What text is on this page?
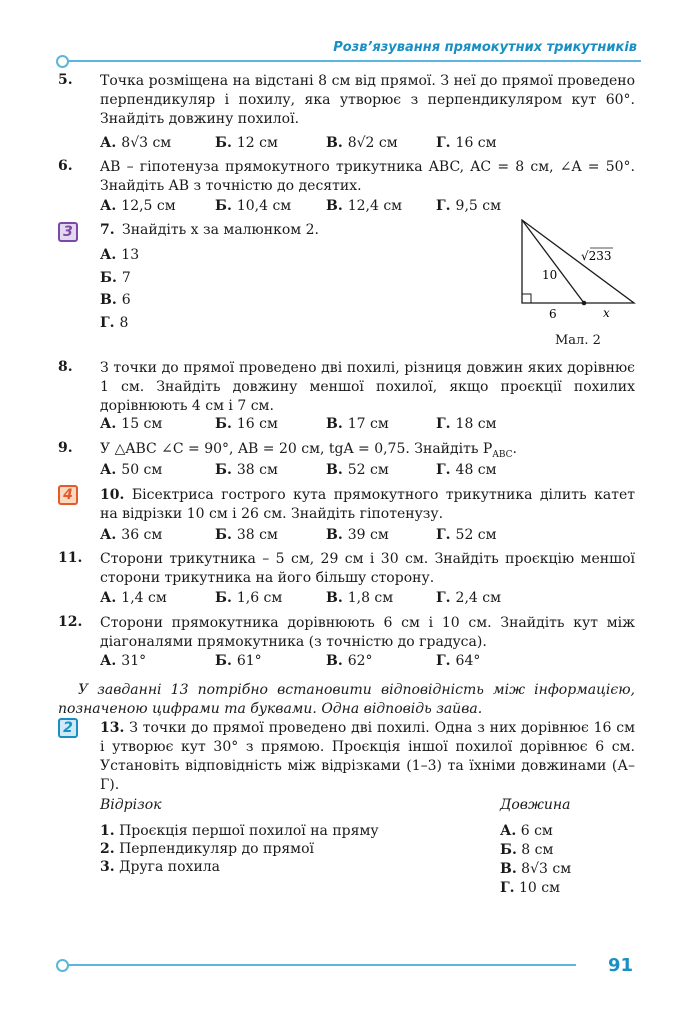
Розв’язування прямокутних трикутників
5. Точка розміщена на відстані 8 см від прямої. З неї до прямої проведено перпендикуляр і похилу, яка утворює з перпендикуляром кут 60°. Знайдіть довжину похилої.
А. 8√3 см	Б. 12 см	В. 8√2 см	Г. 16 см
6. AB – гіпотенуза прямокутного трикутника ABC, AC = 8 см, ∠A = 50°. Знайдіть AB з точністю до десятих.
А. 12,5 см	Б. 10,4 см	В. 12,4 см	Г. 9,5 см
3	7. Знайдіть x за малюнком 2.
А. 13
Б. 7
В. 6
Г. 8
√233
10
6	x
Мал. 2
8. З точки до прямої проведено дві похилі, різниця довжин яких дорівнює 1 см. Знайдіть довжину меншої похилої, якщо проєкції похилих дорівнюють 4 см і 7 см.
А. 15 см	Б. 16 см	В. 17 см	Г. 18 см
9. У △ABC ∠C = 90°, AB = 20 см, tgA = 0,75. Знайдіть $P_{ABC}$.
А. 50 см	Б. 38 см	В. 52 см	Г. 48 см
4	10. Бісектриса гострого кута прямокутного трикутника ділить катет на відрізки 10 см і 26 см. Знайдіть гіпотенузу.
А. 36 см	Б. 38 см	В. 39 см	Г. 52 см
11. Сторони трикутника – 5 см, 29 см і 30 см. Знайдіть проєкцію меншої сторони трикутника на його більшу сторону.
А. 1,4 см	Б. 1,6 см	В. 1,8 см	Г. 2,4 см
12. Сторони прямокутника дорівнюють 6 см і 10 см. Знайдіть кут між діагоналями прямокутника (з точністю до градуса).
А. 31°	Б. 61°	В. 62°	Г. 64°
У завданні 13 потрібно встановити відповідність між інформацією, позначеною цифрами та буквами. Одна відповідь зайва.
2	13. З точки до прямої проведено дві похилі. Одна з них дорівнює 16 см і утворює кут 30° з прямою. Проєкція іншої похилої дорівнює 6 см. Установіть відповідність між відрізками (1–3) та їхніми довжинами (А–Г).
Відрізок	Довжина
1. Проєкція першої похилої на пряму
2. Перпендикуляр до прямої
3. Друга похила
А. 6 см
Б. 8 см
В. 8√3 см
Г. 10 см
91
